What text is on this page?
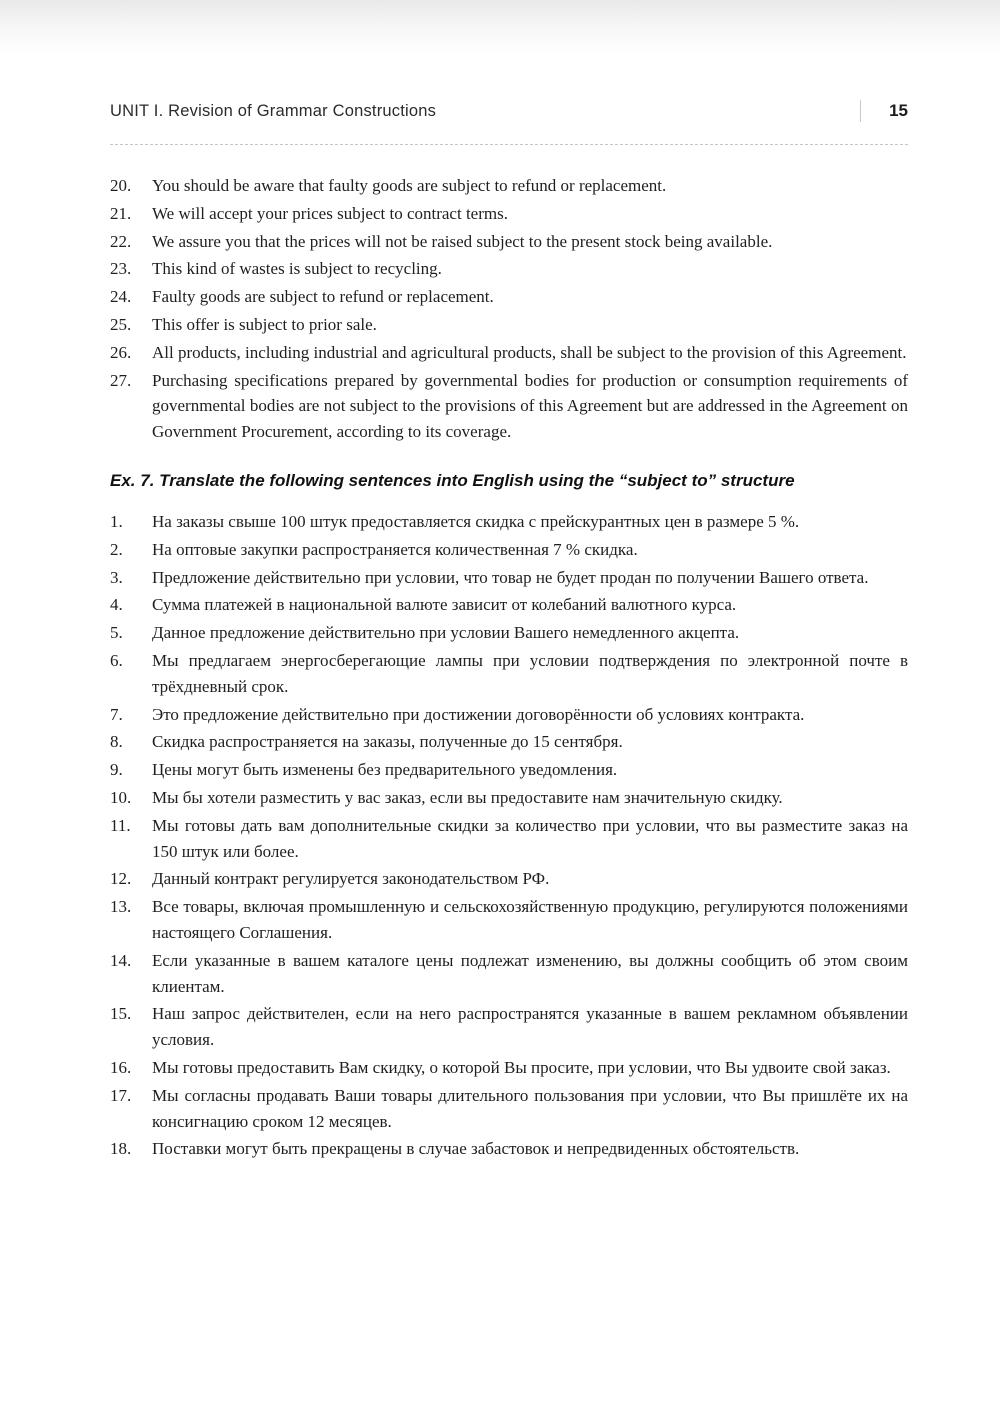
UNIT I. Revision of Grammar Constructions	15
20.	You should be aware that faulty goods are subject to refund or replacement.
21.	We will accept your prices subject to contract terms.
22.	We assure you that the prices will not be raised subject to the present stock being available.
23.	This kind of wastes is subject to recycling.
24.	Faulty goods are subject to refund or replacement.
25.	This offer is subject to prior sale.
26.	All products, including industrial and agricultural products, shall be subject to the provision of this Agreement.
27.	Purchasing specifications prepared by governmental bodies for production or consumption requirements of governmental bodies are not subject to the provisions of this Agreement but are addressed in the Agreement on Government Procurement, according to its coverage.
Ex. 7. Translate the following sentences into English using the “subject to” structure
1.	На заказы свыше 100 штук предоставляется скидка с прейскурантных цен в размере 5 %.
2.	На оптовые закупки распространяется количественная 7 % скидка.
3.	Предложение действительно при условии, что товар не будет продан по получении Вашего ответа.
4.	Сумма платежей в национальной валюте зависит от колебаний валютного курса.
5.	Данное предложение действительно при условии Вашего немедленного акцепта.
6.	Мы предлагаем энергосберегающие лампы при условии подтверждения по электронной почте в трёхдневный срок.
7.	Это предложение действительно при достижении договорённости об условиях контракта.
8.	Скидка распространяется на заказы, полученные до 15 сентября.
9.	Цены могут быть изменены без предварительного уведомления.
10.	Мы бы хотели разместить у вас заказ, если вы предоставите нам значительную скидку.
11.	Мы готовы дать вам дополнительные скидки за количество при условии, что вы разместите заказ на 150 штук или более.
12.	Данный контракт регулируется законодательством РФ.
13.	Все товары, включая промышленную и сельскохозяйственную продукцию, регулируются положениями настоящего Соглашения.
14.	Если указанные в вашем каталоге цены подлежат изменению, вы должны сообщить об этом своим клиентам.
15.	Наш запрос действителен, если на него распространятся указанные в вашем рекламном объявлении условия.
16.	Мы готовы предоставить Вам скидку, о которой Вы просите, при условии, что Вы удвоите свой заказ.
17.	Мы согласны продавать Ваши товары длительного пользования при условии, что Вы пришлёте их на консигнацию сроком 12 месяцев.
18.	Поставки могут быть прекращены в случае забастовок и непредвиденных обстоятельств.
